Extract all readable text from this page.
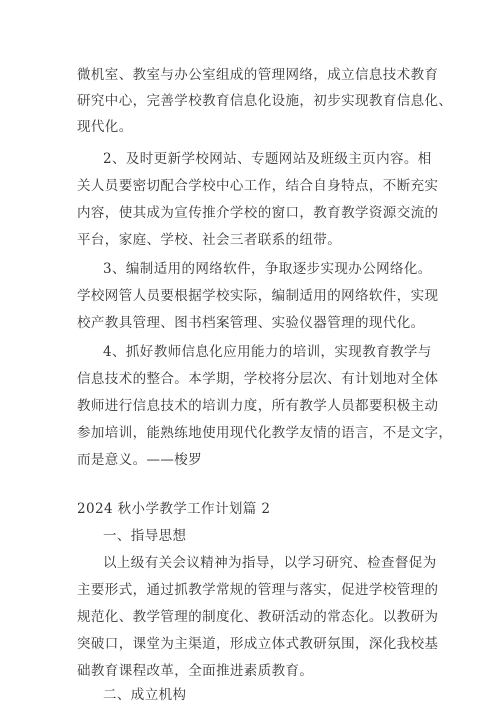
微机室、教室与办公室组成的管理网络，成立信息技术教育
研究中心，完善学校教育信息化设施，初步实现教育信息化、
现代化。
2、及时更新学校网站、专题网站及班级主页内容。相
关人员要密切配合学校中心工作，结合自身特点，不断充实
内容，使其成为宣传推介学校的窗口，教育教学资源交流的
平台，家庭、学校、社会三者联系的纽带。
3、编制适用的网络软件，争取逐步实现办公网络化。
学校网管人员要根据学校实际，编制适用的网络软件，实现
校产教具管理、图书档案管理、实验仪器管理的现代化。
4、抓好教师信息化应用能力的培训，实现教育教学与
信息技术的整合。本学期，学校将分层次、有计划地对全体
教师进行信息技术的培训力度，所有教学人员都要积极主动
参加培训，能熟练地使用现代化教学友情的语言，不是文字，
而是意义。——梭罗
2024 秋小学教学工作计划篇 2
一、指导思想
以上级有关会议精神为指导，以学习研究、检查督促为
主要形式，通过抓教学常规的管理与落实，促进学校管理的
规范化、教学管理的制度化、教研活动的常态化。以教研为
突破口，课堂为主渠道，形成立体式教研氛围，深化我校基
础教育课程改革，全面推进素质教育。
二、成立机构
